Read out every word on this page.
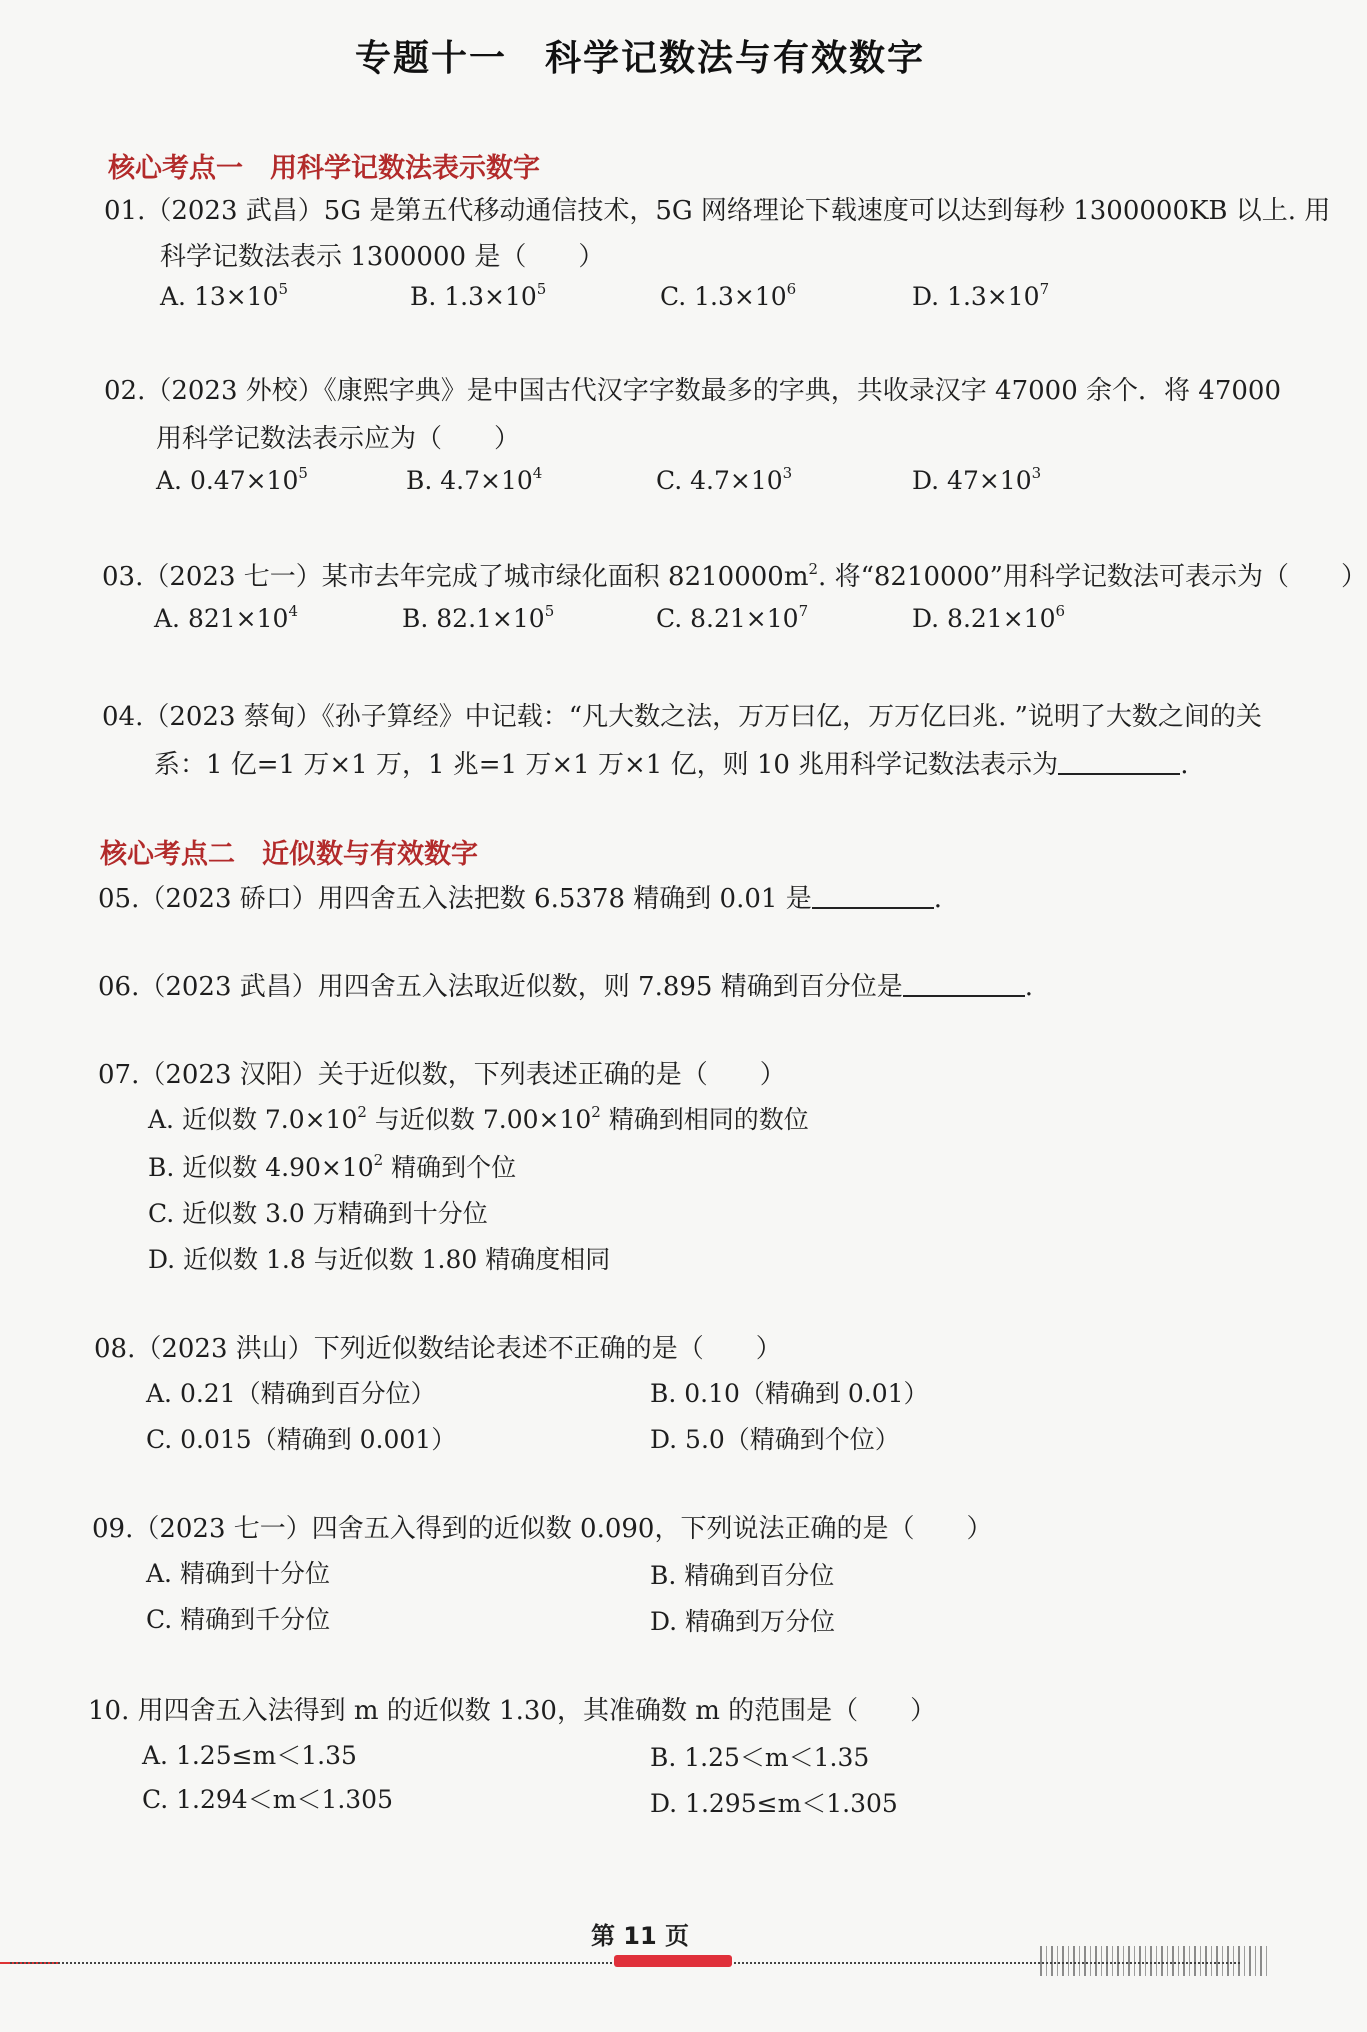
专题十一　科学记数法与有效数字
核心考点一　用科学记数法表示数字
01.（2023 武昌）5G 是第五代移动通信技术，5G 网络理论下载速度可以达到每秒 1300000KB 以上. 用
科学记数法表示 1300000 是（　　）
A. $13\times 10^5$	B. $1.3\times 10^5$	C. $1.3\times 10^6$	D. $1.3\times 10^7$
02.（2023 外校）《康熙字典》是中国古代汉字字数最多的字典，共收录汉字 47000 余个．将 47000
用科学记数法表示应为（　　）
A. $0.47\times 10^5$	B. $4.7\times 10^4$	C. $4.7\times 10^3$	D. $47\times 10^3$
03.（2023 七一）某市去年完成了城市绿化面积 $8210000m^2$. 将“8210000”用科学记数法可表示为（　　）
A. $821\times 10^4$	B. $82.1\times 10^5$	C. $8.21\times 10^7$	D. $8.21\times 10^6$
04.（2023 蔡甸）《孙子算经》中记载：“凡大数之法，万万曰亿，万万亿曰兆. ”说明了大数之间的关
系：1 亿=1 万×1 万，1 兆=1 万×1 万×1 亿，则 10 兆用科学记数法表示为	.
核心考点二　近似数与有效数字
05.（2023 硚口）用四舍五入法把数 6.5378 精确到 0.01 是	.
06.（2023 武昌）用四舍五入法取近似数，则 7.895 精确到百分位是	.
07.（2023 汉阳）关于近似数，下列表述正确的是（　　）
A. 近似数 $7.0\times 10^2$ 与近似数 $7.00\times 10^2$ 精确到相同的数位
B. 近似数 $4.90\times 10^2$ 精确到个位
C. 近似数 3.0 万精确到十分位
D. 近似数 1.8 与近似数 1.80 精确度相同
08.（2023 洪山）下列近似数结论表述不正确的是（　　）
A. 0.21（精确到百分位）	B. 0.10（精确到 0.01）
C. 0.015（精确到 0.001）	D. 5.0（精确到个位）
09.（2023 七一）四舍五入得到的近似数 0.090，下列说法正确的是（　　）
A. 精确到十分位	B. 精确到百分位
C. 精确到千分位	D. 精确到万分位
10. 用四舍五入法得到 m 的近似数 1.30，其准确数 m 的范围是（　　）
A. 1.25≤m＜1.35	B. 1.25＜m＜1.35
C. 1.294＜m＜1.305	D. 1.295≤m＜1.305
第 11 页
